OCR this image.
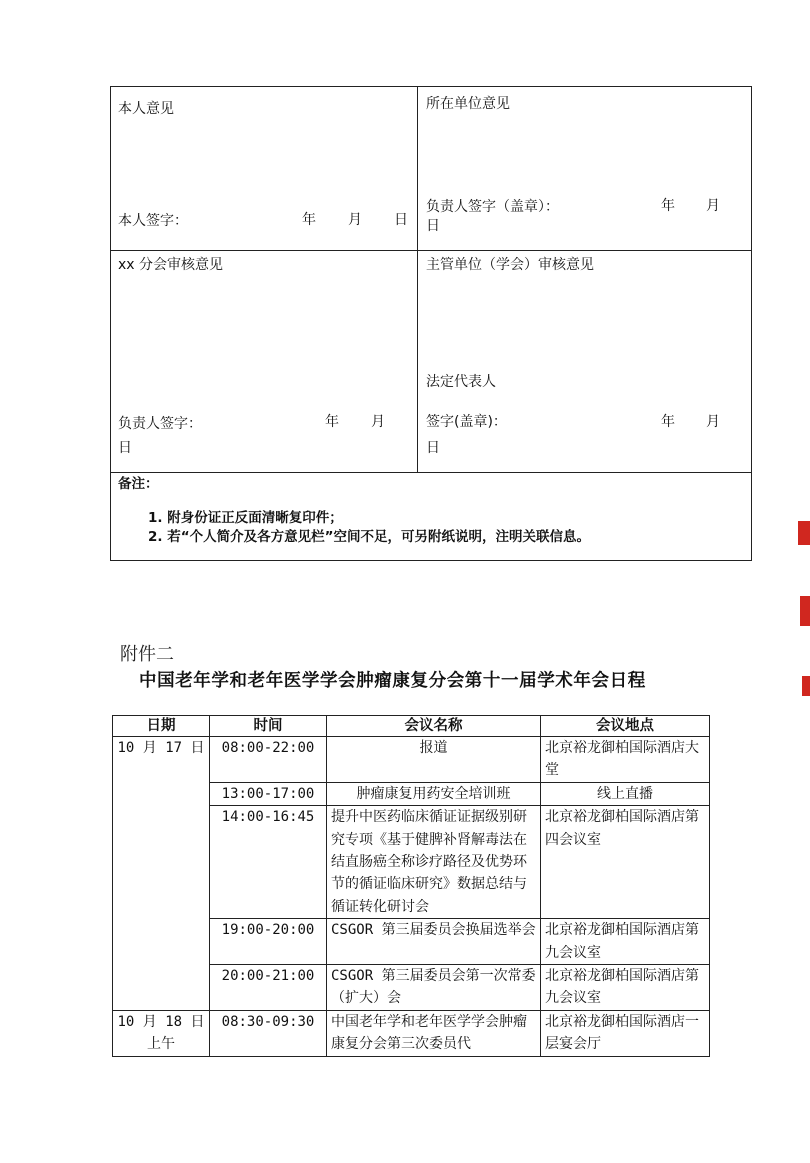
本人意见
本人签字：	年 月 日
所在单位意见
负责人签字（盖章）：	年 月
日
xx 分会审核意见
负责人签字：	年 月
日
主管单位（学会）审核意见
法定代表人
签字(盖章)：	年 月
日
备注：
1. 附身份证正反面清晰复印件；
2. 若“个人简介及各方意见栏”空间不足，可另附纸说明，注明关联信息。
附件二
中国老年学和老年医学学会肿瘤康复分会第十一届学术年会日程
日期	时间	会议名称	会议地点
10 月 17 日	08:00-22:00	报道	北京裕龙御柏国际酒店大堂
	13:00-17:00	肿瘤康复用药安全培训班	线上直播
	14:00-16:45	提升中医药临床循证证据级别研究专项《基于健脾补肾解毒法在结直肠癌全称诊疗路径及优势环节的循证临床研究》数据总结与循证转化研讨会	北京裕龙御柏国际酒店第四会议室
	19:00-20:00	CSGOR 第三届委员会换届选举会	北京裕龙御柏国际酒店第九会议室
	20:00-21:00	CSGOR 第三届委员会第一次常委（扩大）会	北京裕龙御柏国际酒店第九会议室
10 月 18 日上午	08:30-09:30	中国老年学和老年医学学会肿瘤康复分会第三次委员代	北京裕龙御柏国际酒店一层宴会厅
